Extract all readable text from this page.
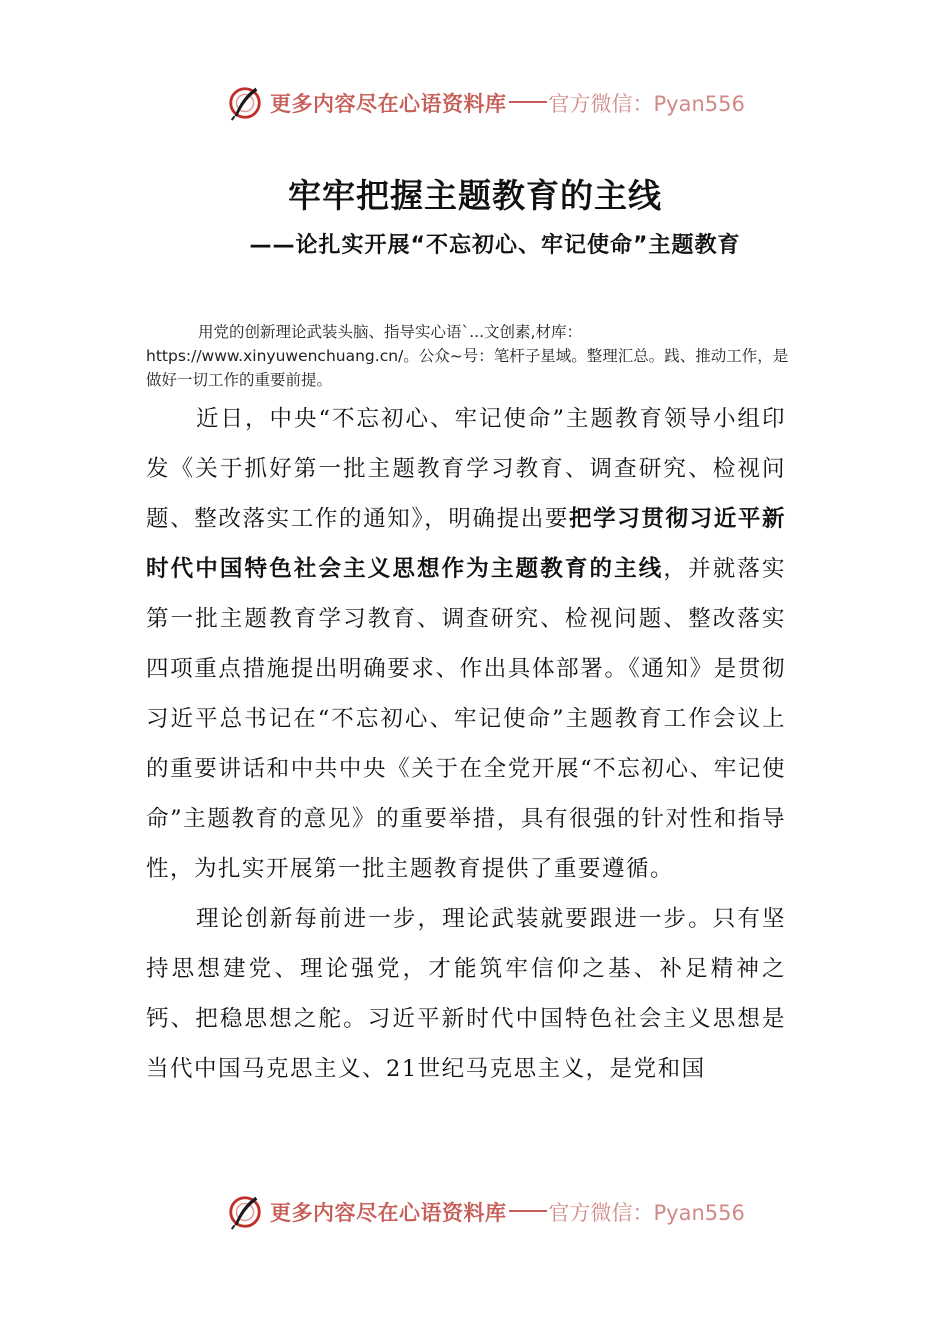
更多内容尽在心语资料库 官方微信：Pyan556
牢牢把握主题教育的主线
——论扎实开展“不忘初心、牢记使命”主题教育

用党的创新理论武装头脑、指导实心语`...文创素,材库：https://www.xinyuwenchuang.cn/。公众~号：笔杆子星域。整理汇总。践、推动工作，是做好一切工作的重要前提。

近日，中央“不忘初心、牢记使命”主题教育领导小组印发《关于抓好第一批主题教育学习教育、调查研究、检视问题、整改落实工作的通知》，明确提出要把学习贯彻习近平新时代中国特色社会主义思想作为主题教育的主线，并就落实第一批主题教育学习教育、调查研究、检视问题、整改落实四项重点措施提出明确要求、作出具体部署。《通知》是贯彻习近平总书记在“不忘初心、牢记使命”主题教育工作会议上的重要讲话和中共中央《关于在全党开展“不忘初心、牢记使命”主题教育的意见》的重要举措，具有很强的针对性和指导性，为扎实开展第一批主题教育提供了重要遵循。

理论创新每前进一步，理论武装就要跟进一步。只有坚持思想建党、理论强党，才能筑牢信仰之基、补足精神之钙、把稳思想之舵。习近平新时代中国特色社会主义思想是当代中国马克思主义、21世纪马克思主义，是党和国

更多内容尽在心语资料库 官方微信：Pyan556
